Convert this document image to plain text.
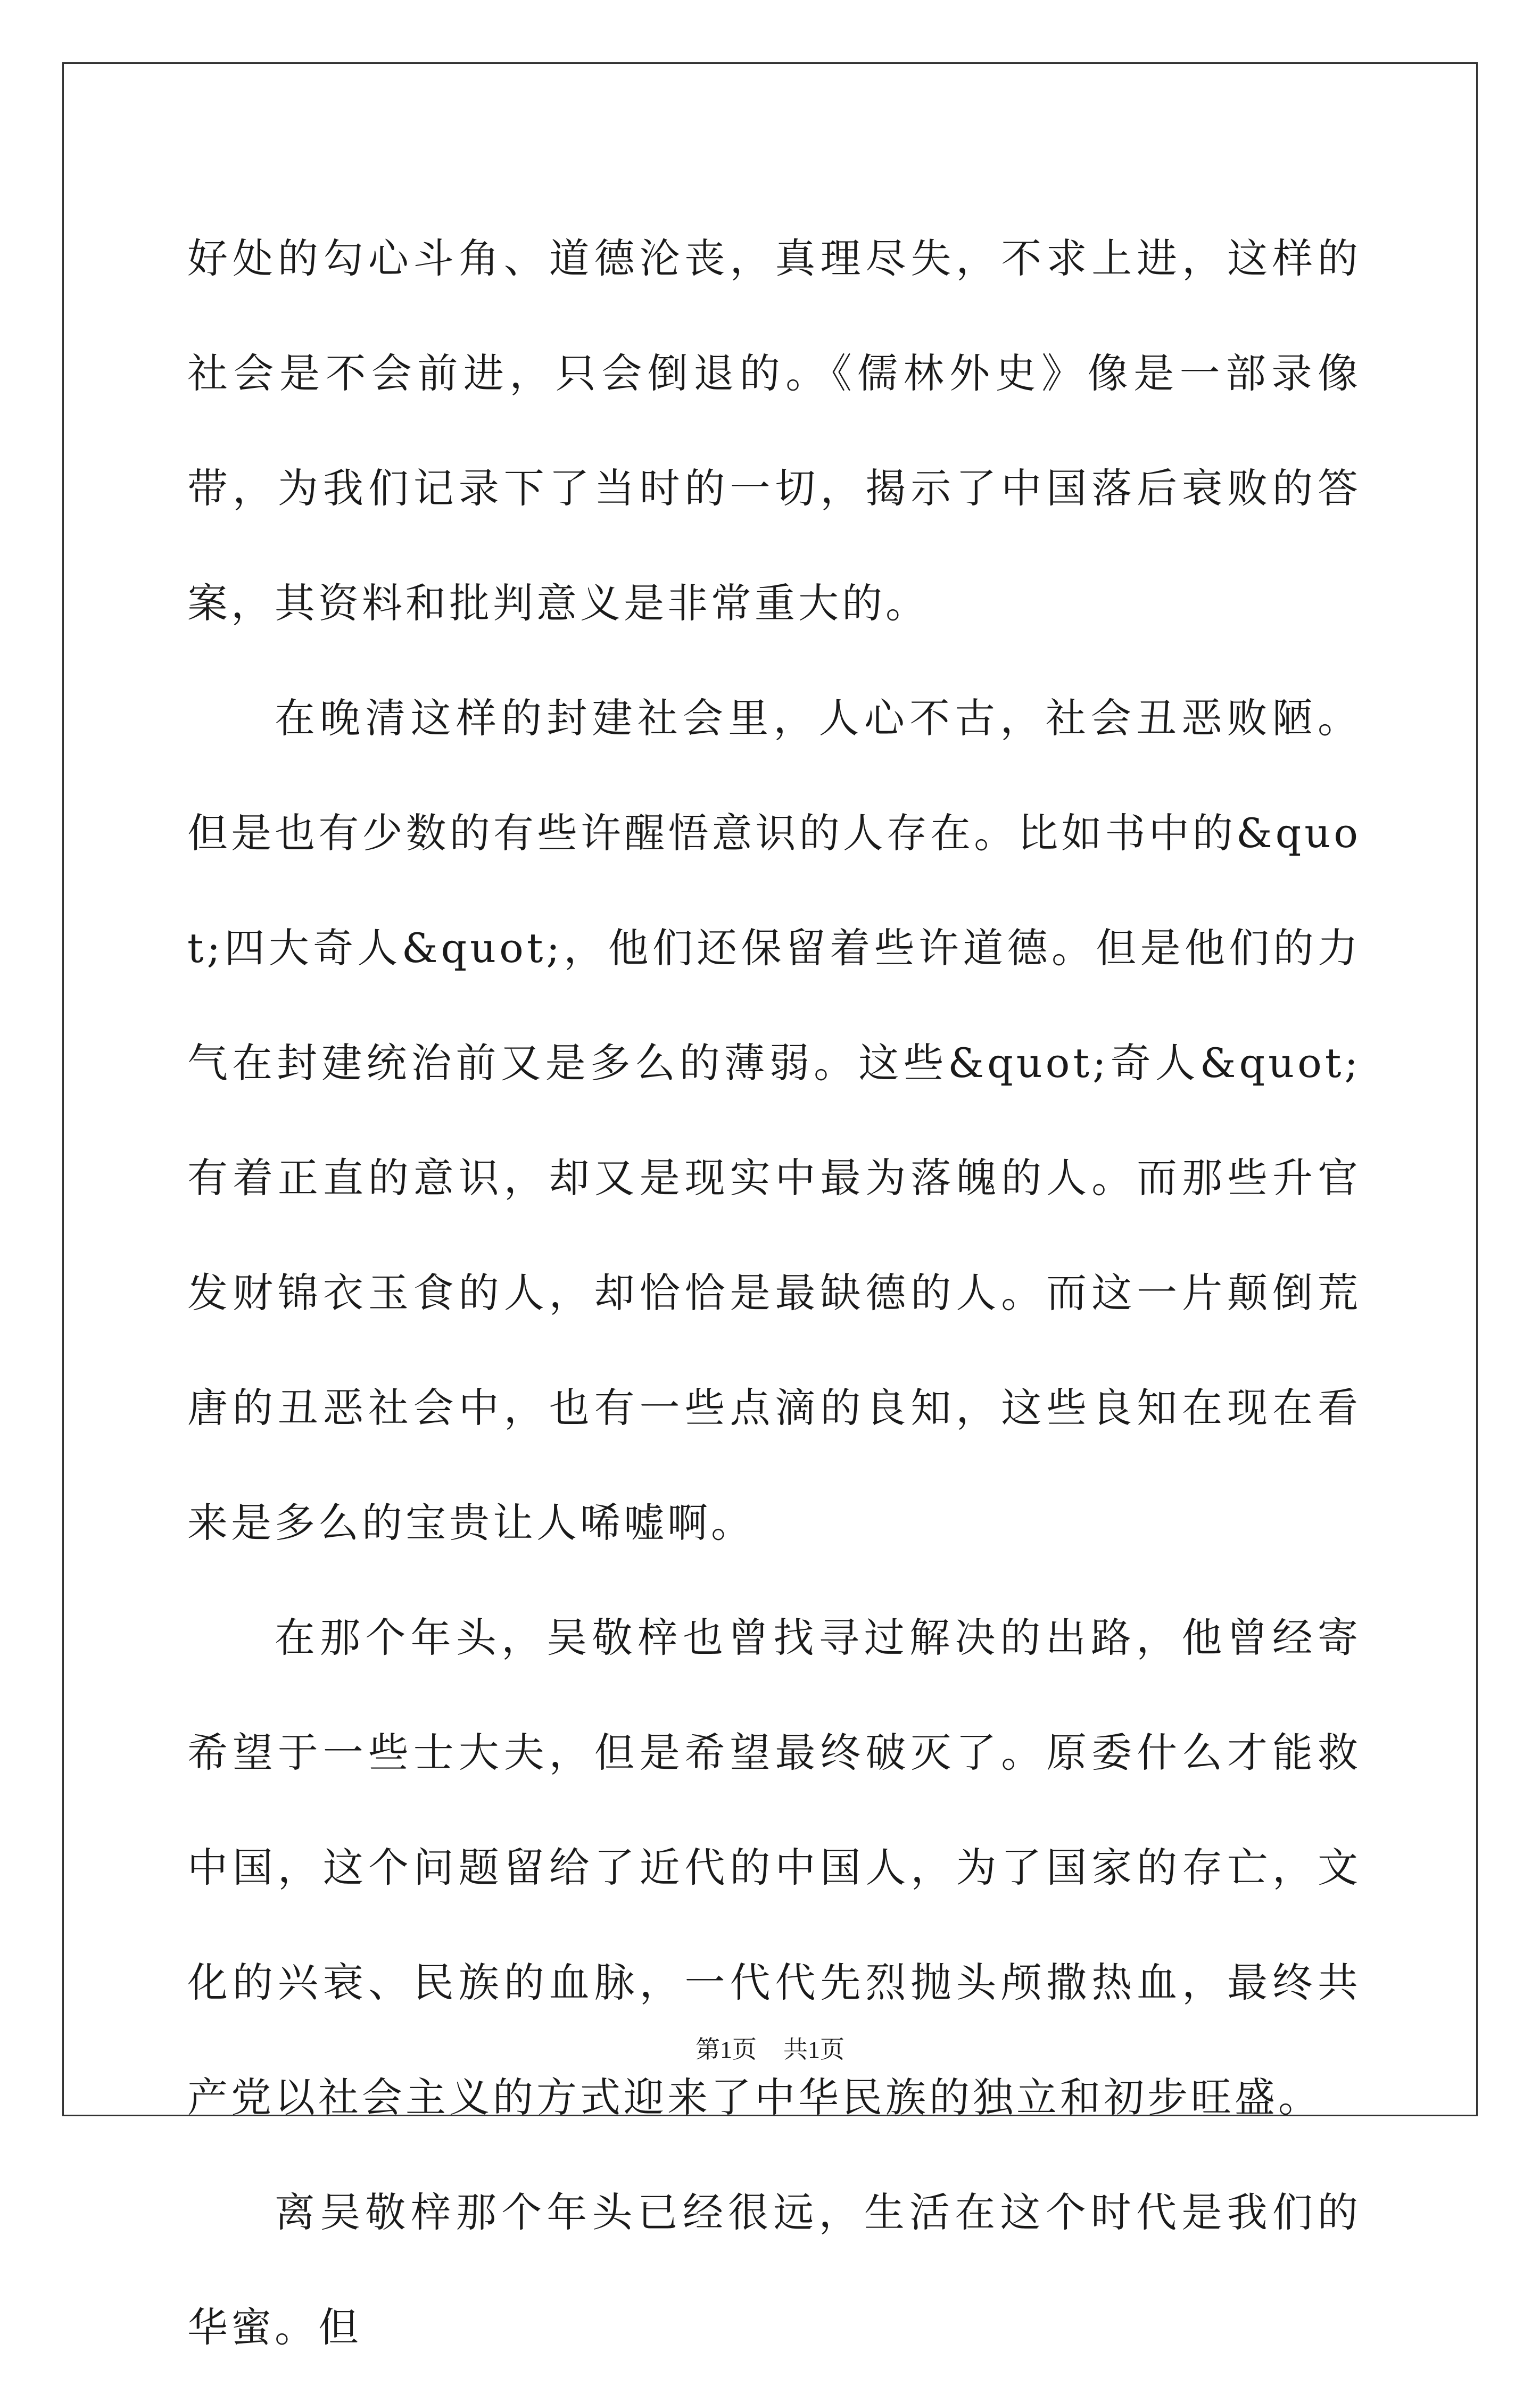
好处的勾心斗角、道德沦丧，真理尽失，不求上进，这样的社会是不会前进，只会倒退的。《儒林外史》像是一部录像带，为我们记录下了当时的一切，揭示了中国落后衰败的答案，其资料和批判意义是非常重大的。

在晚清这样的封建社会里，人心不古，社会丑恶败陋。但是也有少数的有些许醒悟意识的人存在。比如书中的&quot;四大奇人&quot;，他们还保留着些许道德。但是他们的力气在封建统治前又是多么的薄弱。这些&quot;奇人&quot;有着正直的意识，却又是现实中最为落魄的人。而那些升官发财锦衣玉食的人，却恰恰是最缺德的人。而这一片颠倒荒唐的丑恶社会中，也有一些点滴的良知，这些良知在现在看来是多么的宝贵让人唏嘘啊。

在那个年头，吴敬梓也曾找寻过解决的出路，他曾经寄希望于一些士大夫，但是希望最终破灭了。原委什么才能救中国，这个问题留给了近代的中国人，为了国家的存亡，文化的兴衰、民族的血脉，一代代先烈抛头颅撒热血，最终共产党以社会主义的方式迎来了中华民族的独立和初步旺盛。

离吴敬梓那个年头已经很远，生活在这个时代是我们的华蜜。但

第1页 共1页
